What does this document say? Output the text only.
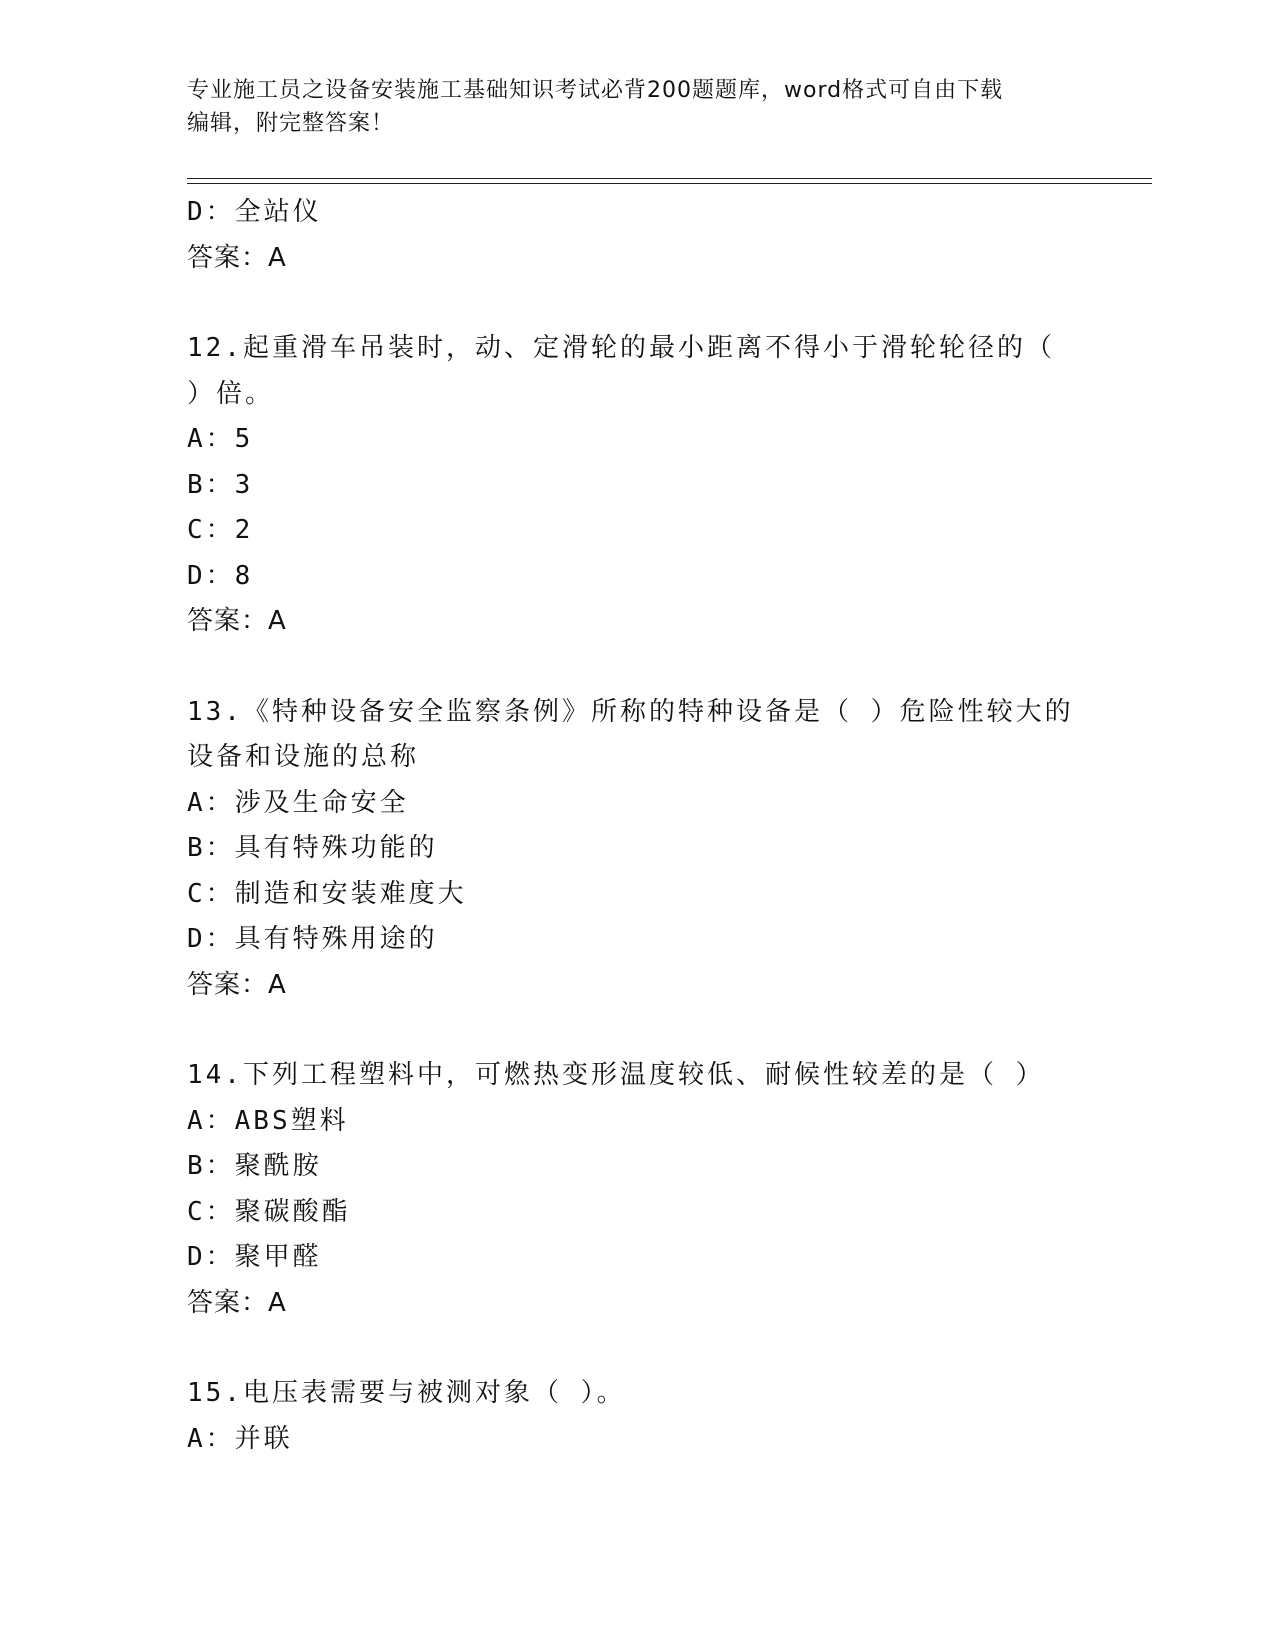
专业施工员之设备安装施工基础知识考试必背200题题库，word格式可自由下载
编辑，附完整答案！
D：全站仪
答案：A
12.起重滑车吊装时，动、定滑轮的最小距离不得小于滑轮轮径的（
）倍。
A：5
B：3
C：2
D：8
答案：A
13.《特种设备安全监察条例》所称的特种设备是（ ）危险性较大的
设备和设施的总称
A：涉及生命安全
B：具有特殊功能的
C：制造和安装难度大
D：具有特殊用途的
答案：A
14.下列工程塑料中，可燃热变形温度较低、耐候性较差的是（ ）
A：ABS塑料
B：聚酰胺
C：聚碳酸酯
D：聚甲醛
答案：A
15.电压表需要与被测对象（ ）。
A：并联
